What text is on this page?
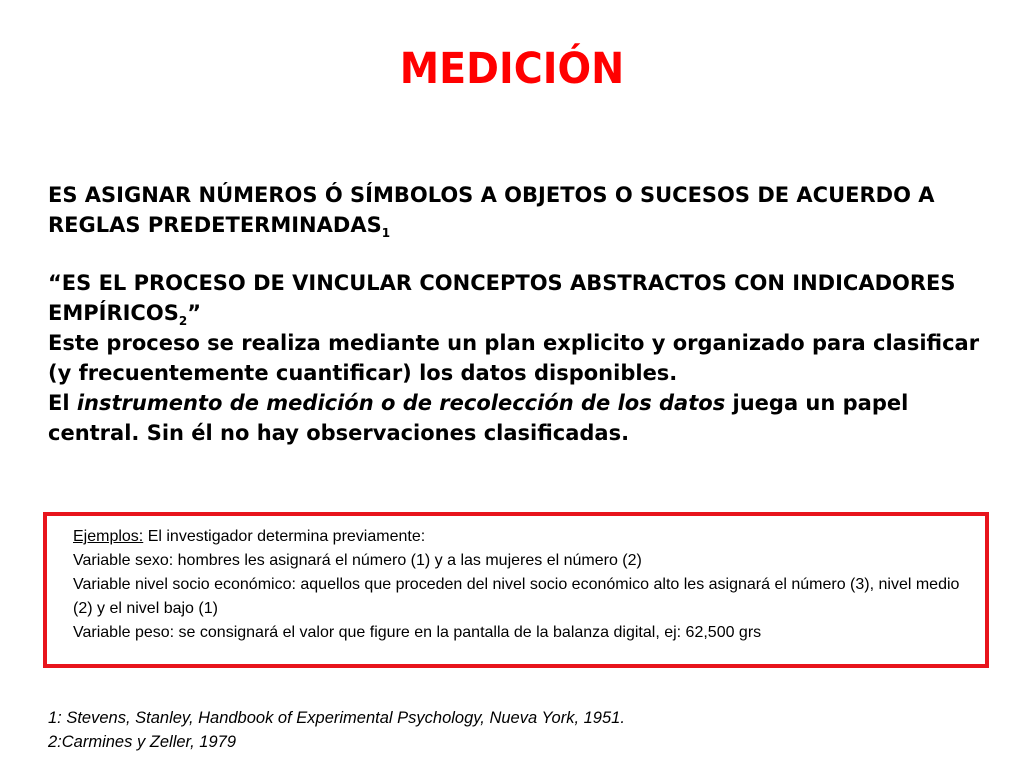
MEDICIÓN

ES ASIGNAR NÚMEROS Ó SÍMBOLOS A OBJETOS O SUCESOS DE ACUERDO A REGLAS $PREDETERMINADAS_1$

“ES EL PROCESO DE VINCULAR CONCEPTOS ABSTRACTOS CON INDICADORES $EMPÍRICOS_2$”

Este proceso se realiza mediante un plan explicito y organizado para clasificar (y frecuentemente cuantificar) los datos disponibles.

El instrumento de medición o de recolección de los datos juega un papel central. Sin él no hay observaciones clasificadas.

Ejemplos: El investigador determina previamente:

Variable sexo: hombres les asignará el número (1) y a las mujeres el número (2)

Variable nivel socio económico: aquellos que proceden del nivel socio económico alto les asignará el número (3), nivel medio (2) y el nivel bajo (1)

Variable peso: se consignará el valor que figure en la pantalla de la balanza digital, ej: 62,500 grs

1: Stevens, Stanley, Handbook of Experimental Psychology, Nueva York, 1951.

2:Carmines y Zeller, 1979
